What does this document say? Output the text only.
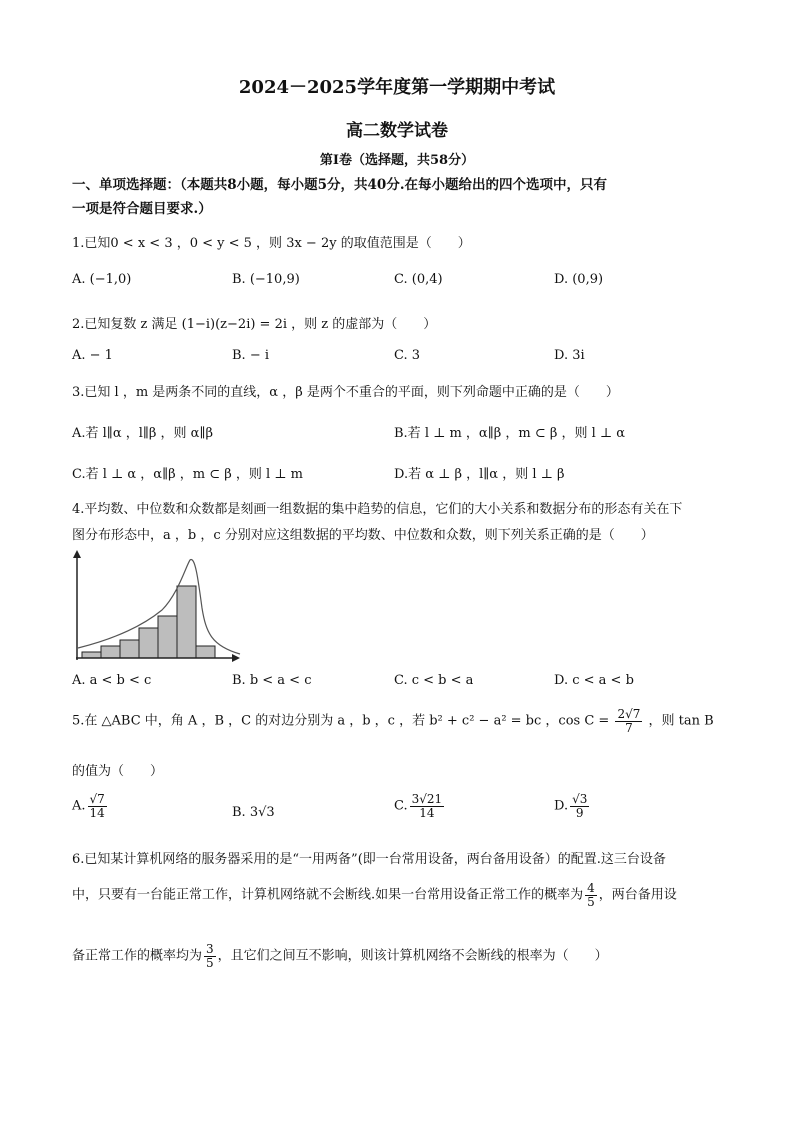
2024－2025学年度第一学期期中考试
高二数学试卷
第Ⅰ卷（选择题，共58分）
一、单项选择题：（本题共8小题，每小题5分，共40分.在每小题给出的四个选项中，只有
一项是符合题目要求.）
1.已知0 < x < 3 ，0 < y < 5 ，则 3x − 2y 的取值范围是（　　）
A. (−1,0)	B. (−10,9)	C. (0,4)	D. (0,9)
2.已知复数 z 满足 (1−i)(z−2i) = 2i ，则 z 的虚部为（　　）
A. − 1	B. − i	C. 3	D. 3i
3.已知 l ，m 是两条不同的直线，α ，β 是两个不重合的平面，则下列命题中正确的是（　　）
A.若 l∥α ，l∥β ，则 α∥β	B.若 l ⊥ m ，α∥β ，m ⊂ β ，则 l ⊥ α
C.若 l ⊥ α ，α∥β ，m ⊂ β ，则 l ⊥ m	D.若 α ⊥ β ，l∥α ，则 l ⊥ β
4.平均数、中位数和众数都是刻画一组数据的集中趋势的信息，它们的大小关系和数据分布的形态有关在下
图分布形态中，a ，b ，c 分别对应这组数据的平均数、中位数和众数，则下列关系正确的是（　　）
A. a < b < c	B. b < a < c	C. c < b < a	D. c < a < b
5.在 △ABC 中，角 A ，B ，C 的对边分别为 a ，b ，c ，若 b² + c² − a² = bc ，$\cos C = \frac{2√7}{7}$ ，则 tan B
的值为（　　）
A. $\frac{√7}{14}$	B. 3√3	C. $\frac{3√21}{14}$	D. $\frac{√3}{9}$
6.已知某计算机网络的服务器采用的是“一用两备”(即一台常用设备，两台备用设备）的配置.这三台设备
中，只要有一台能正常工作，计算机网络就不会断线.如果一台常用设备正常工作的概率为 $\frac{4}{5}$ ，两台备用设
备正常工作的概率均为 $\frac{3}{5}$ ，且它们之间互不影响，则该计算机网络不会断线的根率为（　　）
